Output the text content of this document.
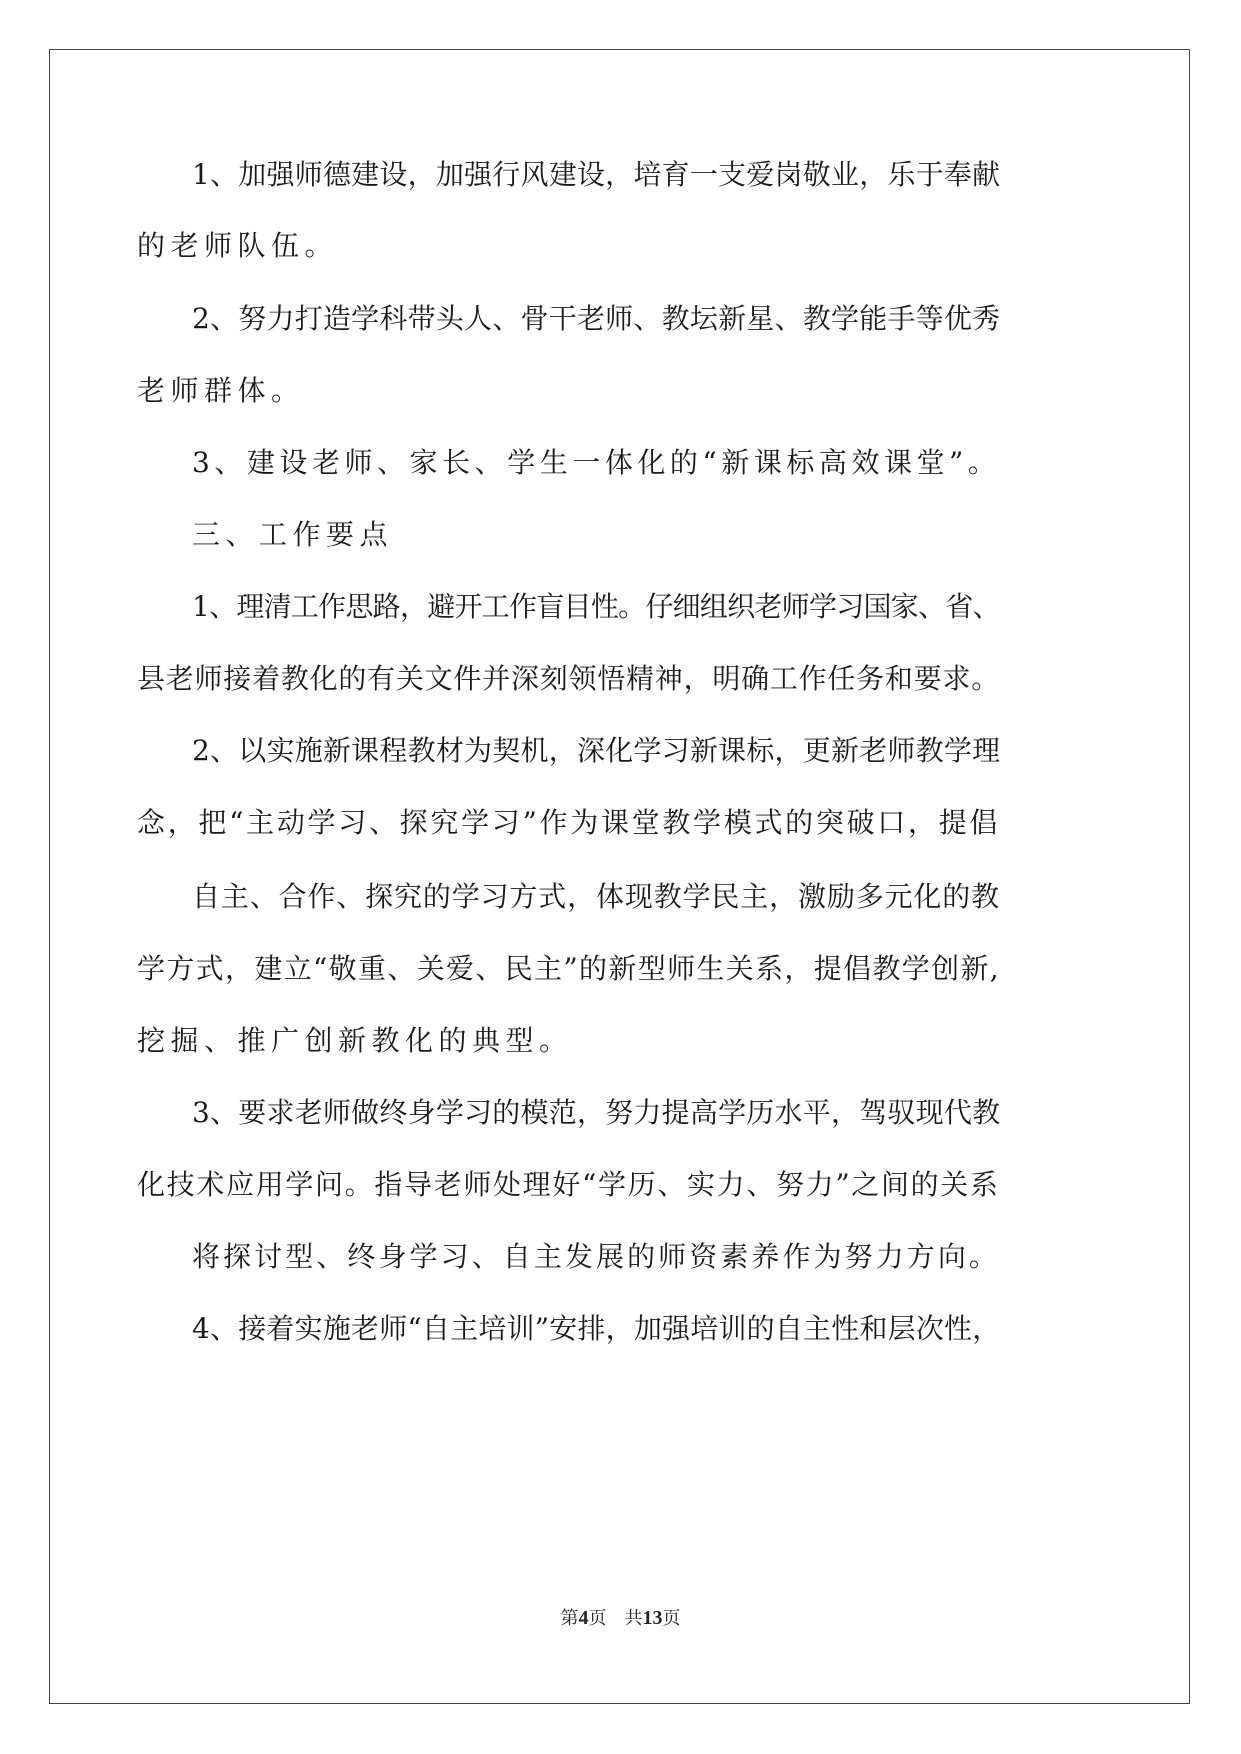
1、加强师德建设，加强行风建设，培育一支爱岗敬业，乐于奉献

的老师队伍。

2、努力打造学科带头人、骨干老师、教坛新星、教学能手等优秀

老师群体。

3、建设老师、家长、学生一体化的“新课标高效课堂”。

三、工作要点

1、理清工作思路，避开工作盲目性。仔细组织老师学习国家、省、

县老师接着教化的有关文件并深刻领悟精神，明确工作任务和要求。

2、以实施新课程教材为契机，深化学习新课标，更新老师教学理

念，把“主动学习、探究学习”作为课堂教学模式的突破口，提倡

自主、合作、探究的学习方式，体现教学民主，激励多元化的教

学方式，建立“敬重、关爱、民主”的新型师生关系，提倡教学创新,

挖掘、推广创新教化的典型。

3、要求老师做终身学习的模范，努力提高学历水平，驾驭现代教

化技术应用学问。指导老师处理好“学历、实力、努力”之间的关系

将探讨型、终身学习、自主发展的师资素养作为努力方向。

4、接着实施老师“自主培训”安排，加强培训的自主性和层次性，

第4页 共13页
